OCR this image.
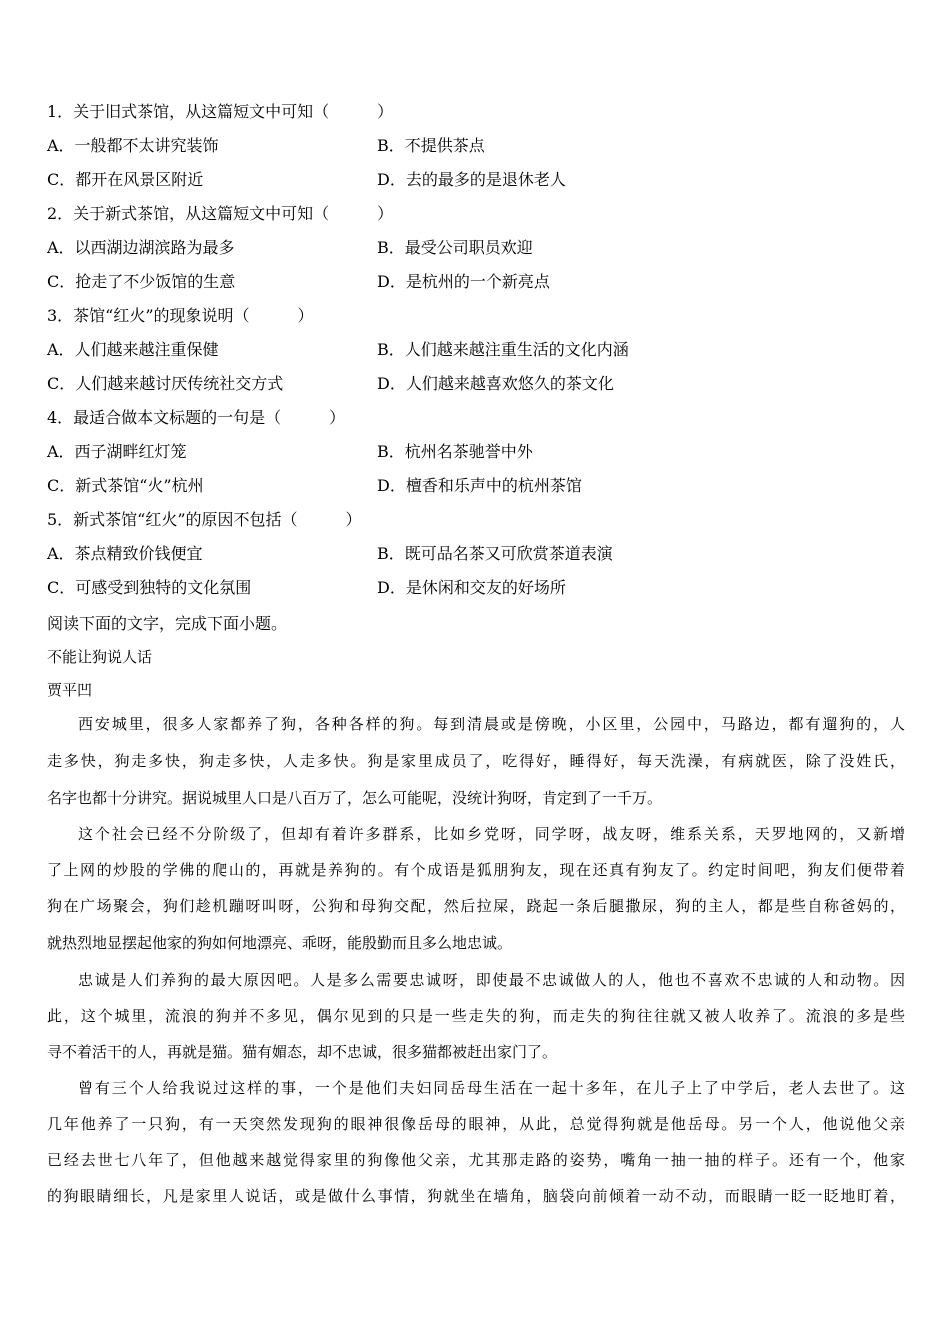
1．关于旧式茶馆，从这篇短文中可知（　　　）
A．一般都不太讲究装饰	B．不提供茶点
C．都开在风景区附近	D．去的最多的是退休老人
2．关于新式茶馆，从这篇短文中可知（　　　）
A．以西湖边湖滨路为最多	B．最受公司职员欢迎
C．抢走了不少饭馆的生意	D．是杭州的一个新亮点
3．茶馆“红火”的现象说明（　　　）
A．人们越来越注重保健	B．人们越来越注重生活的文化内涵
C．人们越来越讨厌传统社交方式	D．人们越来越喜欢悠久的茶文化
4．最适合做本文标题的一句是（　　　）
A．西子湖畔红灯笼	B．杭州名茶驰誉中外
C．新式茶馆“火”杭州	D．檀香和乐声中的杭州茶馆
5．新式茶馆“红火”的原因不包括（　　　）
A．茶点精致价钱便宜	B．既可品名茶又可欣赏茶道表演
C．可感受到独特的文化氛围	D．是休闲和交友的好场所
阅读下面的文字，完成下面小题。
不能让狗说人话
贾平凹
西安城里，很多人家都养了狗，各种各样的狗。每到清晨或是傍晚，小区里，公园中，马路边，都有遛狗的，人
走多快，狗走多快，狗走多快，人走多快。狗是家里成员了，吃得好，睡得好，每天洗澡，有病就医，除了没姓氏，
名字也都十分讲究。据说城里人口是八百万了，怎么可能呢，没统计狗呀，肯定到了一千万。
这个社会已经不分阶级了，但却有着许多群系，比如乡党呀，同学呀，战友呀，维系关系，天罗地网的，又新增
了上网的炒股的学佛的爬山的，再就是养狗的。有个成语是狐朋狗友，现在还真有狗友了。约定时间吧，狗友们便带着
狗在广场聚会，狗们趁机蹦呀叫呀，公狗和母狗交配，然后拉屎，跷起一条后腿撒尿，狗的主人，都是些自称爸妈的，
就热烈地显摆起他家的狗如何地漂亮、乖呀，能殷勤而且多么地忠诚。
忠诚是人们养狗的最大原因吧。人是多么需要忠诚呀，即使最不忠诚做人的人，他也不喜欢不忠诚的人和动物。因
此，这个城里，流浪的狗并不多见，偶尔见到的只是一些走失的狗，而走失的狗往往就又被人收养了。流浪的多是些
寻不着活干的人，再就是猫。猫有媚态，却不忠诚，很多猫都被赶出家门了。
曾有三个人给我说过这样的事，一个是他们夫妇同岳母生活在一起十多年，在儿子上了中学后，老人去世了。这
几年他养了一只狗，有一天突然发现狗的眼神很像岳母的眼神，从此，总觉得狗就是他岳母。另一个人，他说他父亲
已经去世七八年了，但他越来越觉得家里的狗像他父亲，尤其那走路的姿势，嘴角一抽一抽的样子。还有一个，他家
的狗眼睛细长，凡是家里人说话，或是做什么事情，狗就坐在墙角，脑袋向前倾着一动不动，而眼睛一眨一眨地盯着，
